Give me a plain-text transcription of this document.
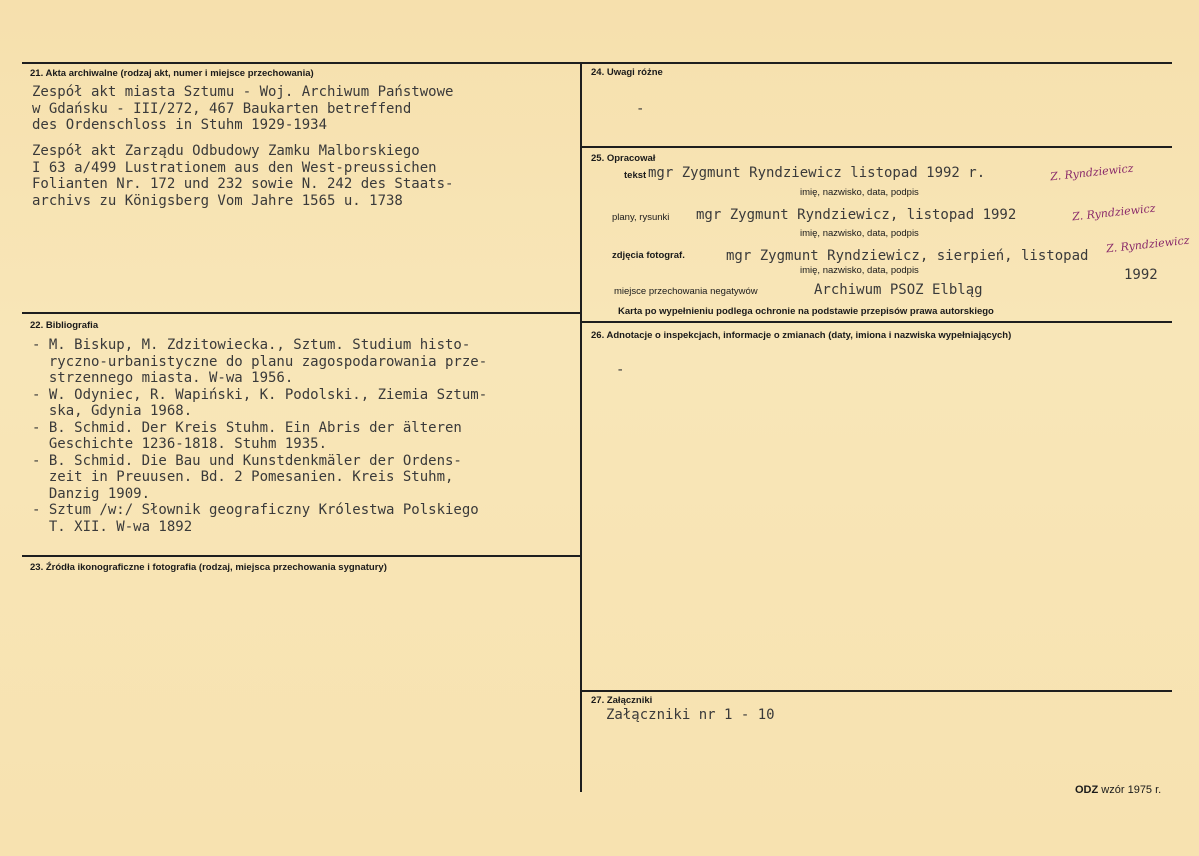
21. Akta archiwalne (rodzaj akt, numer i miejsce przechowania)
Zespół akt miasta Sztumu - Woj. Archiwum Państwowe
w Gdańsku - III/272, 467 Baukarten betreffend
des Ordenschloss in Stuhm 1929-1934
Zespół akt Zarządu Odbudowy Zamku Malborskiego
I 63 a/499 Lustrationem aus den West-preussichen
Folianten Nr. 172 und 232 sowie N. 242 des Staats-
archivs zu Königsberg Vom Jahre 1565 u. 1738
22. Bibliografia
- M. Biskup, M. Zdzitowiecka., Sztum. Studium histo-
ryczno-urbanistyczne do planu zagospodarowania prze-
strzennego miasta. W-wa 1956.
- W. Odyniec, R. Wapiński, K. Podolski., Ziemia Sztum-
ska, Gdynia 1968.
- B. Schmid. Der Kreis Stuhm. Ein Abris der älteren
Geschichte 1236-1818. Stuhm 1935.
- B. Schmid. Die Bau und Kunstdenkmäler der Ordens-
zeit in Preuusen. Bd. 2 Pomesanien. Kreis Stuhm,
Danzig 1909.
- Sztum /w:/ Słownik geograficzny Królestwa Polskiego
T. XII. W-wa 1892
23. Źródła ikonograficzne i fotografia (rodzaj, miejsca przechowania sygnatury)
24. Uwagi różne
-
25. Opracował
tekst mgr Zygmunt Ryndziewicz listopad 1992 r.	Z. Ryndziewicz
imię, nazwisko, data, podpis
plany, rysunki mgr Zygmunt Ryndziewicz, listopad 1992	Z. Ryndziewicz
imię, nazwisko, data, podpis
zdjęcia fotograf.	mgr Zygmunt Ryndziewicz, sierpień, listopad
Z. Ryndziewicz
imię, nazwisko, data, podpis	1992
miejsce przechowania negatywów	Archiwum PSOZ Elbląg
Karta po wypełnieniu podlega ochronie na podstawie przepisów prawa autorskiego
26. Adnotacje o inspekcjach, informacje o zmianach (daty, imiona i nazwiska wypełniających)
-
27. Załączniki
Załączniki nr 1 - 10
ODZ wzór 1975 r.
